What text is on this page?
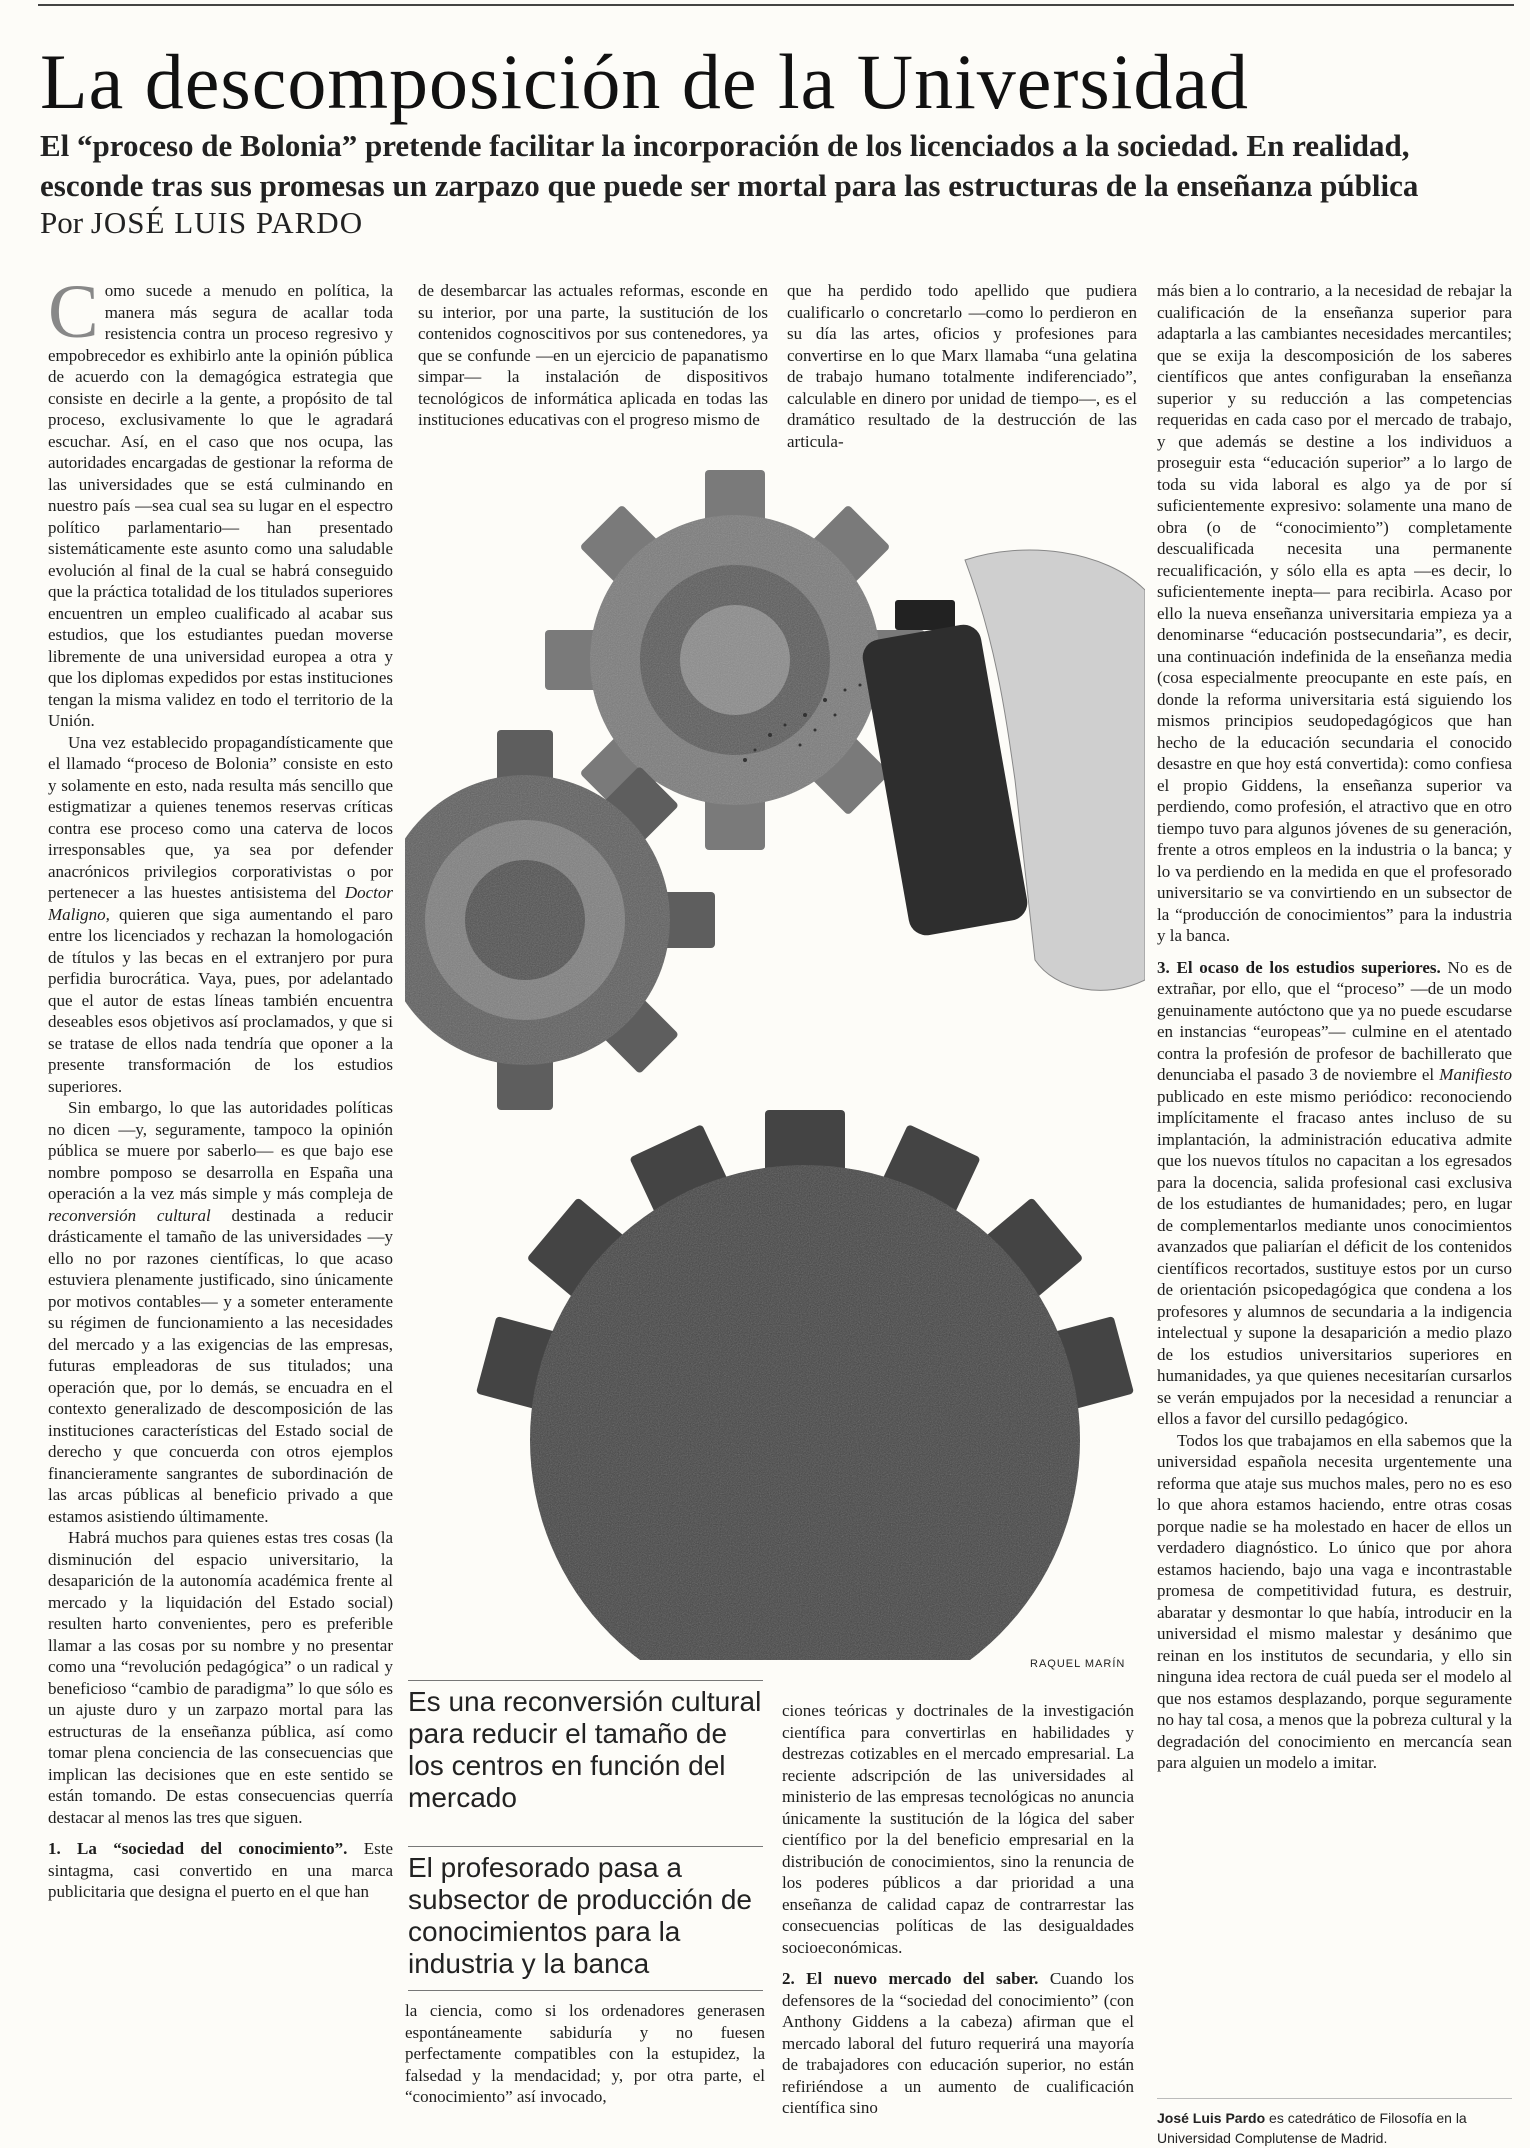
La descomposición de la Universidad
El “proceso de Bolonia” pretende facilitar la incorporación de los licenciados a la sociedad. En realidad, esconde tras sus promesas un zarpazo que puede ser mortal para las estructuras de la enseñanza pública
Por JOSÉ LUIS PARDO

Como sucede a menudo en política, la manera más segura de acallar toda resistencia contra un proceso regresivo y empobrecedor es exhibirlo ante la opinión pública de acuerdo con la demagógica estrategia que consiste en decirle a la gente, a propósito de tal proceso, exclusivamente lo que le agradará escuchar. Así, en el caso que nos ocupa, las autoridades encargadas de gestionar la reforma de las universidades que se está culminando en nuestro país —sea cual sea su lugar en el espectro político parlamentario— han presentado sistemáticamente este asunto como una saludable evolución al final de la cual se habrá conseguido que la práctica totalidad de los titulados superiores encuentren un empleo cualificado al acabar sus estudios, que los estudiantes puedan moverse libremente de una universidad europea a otra y que los diplomas expedidos por estas instituciones tengan la misma validez en todo el territorio de la Unión.

Una vez establecido propagandísticamente que el llamado “proceso de Bolonia” consiste en esto y solamente en esto, nada resulta más sencillo que estigmatizar a quienes tenemos reservas críticas contra ese proceso como una caterva de locos irresponsables que, ya sea por defender anacrónicos privilegios corporativistas o por pertenecer a las huestes antisistema del Doctor Maligno, quieren que siga aumentando el paro entre los licenciados y rechazan la homologación de títulos y las becas en el extranjero por pura perfidia burocrática. Vaya, pues, por adelantado que el autor de estas líneas también encuentra deseables esos objetivos así proclamados, y que si se tratase de ellos nada tendría que oponer a la presente transformación de los estudios superiores.

Sin embargo, lo que las autoridades políticas no dicen —y, seguramente, tampoco la opinión pública se muere por saberlo— es que bajo ese nombre pomposo se desarrolla en España una operación a la vez más simple y más compleja de reconversión cultural destinada a reducir drásticamente el tamaño de las universidades —y ello no por razones científicas, lo que acaso estuviera plenamente justificado, sino únicamente por motivos contables— y a someter enteramente su régimen de funcionamiento a las necesidades del mercado y a las exigencias de las empresas, futuras empleadoras de sus titulados; una operación que, por lo demás, se encuadra en el contexto generalizado de descomposición de las instituciones características del Estado social de derecho y que concuerda con otros ejemplos financieramente sangrantes de subordinación de las arcas públicas al beneficio privado a que estamos asistiendo últimamente.

Habrá muchos para quienes estas tres cosas (la disminución del espacio universitario, la desaparición de la autonomía académica frente al mercado y la liquidación del Estado social) resulten harto convenientes, pero es preferible llamar a las cosas por su nombre y no presentar como una “revolución pedagógica” o un radical y beneficioso “cambio de paradigma” lo que sólo es un ajuste duro y un zarpazo mortal para las estructuras de la enseñanza pública, así como tomar plena conciencia de las consecuencias que implican las decisiones que en este sentido se están tomando. De estas consecuencias querría destacar al menos las tres que siguen.

1. La “sociedad del conocimiento”. Este sintagma, casi convertido en una marca publicitaria que designa el puerto en el que han

de desembarcar las actuales reformas, esconde en su interior, por una parte, la sustitución de los contenidos cognoscitivos por sus contenedores, ya que se confunde —en un ejercicio de papanatismo simpar— la instalación de dispositivos tecnológicos de informática aplicada en todas las instituciones educativas con el progreso mismo de

que ha perdido todo apellido que pudiera cualificarlo o concretarlo —como lo perdieron en su día las artes, oficios y profesiones para convertirse en lo que Marx llamaba “una gelatina de trabajo humano totalmente indiferenciado”, calculable en dinero por unidad de tiempo—, es el dramático resultado de la destrucción de las articula-

más bien a lo contrario, a la necesidad de rebajar la cualificación de la enseñanza superior para adaptarla a las cambiantes necesidades mercantiles; que se exija la descomposición de los saberes científicos que antes configuraban la enseñanza superior y su reducción a las competencias requeridas en cada caso por el mercado de trabajo, y que además se destine a los individuos a proseguir esta “educación superior” a lo largo de toda su vida laboral es algo ya de por sí suficientemente expresivo: solamente una mano de obra (o de “conocimiento”) completamente descualificada necesita una permanente recualificación, y sólo ella es apta —es decir, lo suficientemente inepta— para recibirla. Acaso por ello la nueva enseñanza universitaria empieza ya a denominarse “educación postsecundaria”, es decir, una continuación indefinida de la enseñanza media (cosa especialmente preocupante en este país, en donde la reforma universitaria está siguiendo los mismos principios seudopedagógicos que han hecho de la educación secundaria el conocido desastre en que hoy está convertida): como confiesa el propio Giddens, la enseñanza superior va perdiendo, como profesión, el atractivo que en otro tiempo tuvo para algunos jóvenes de su generación, frente a otros empleos en la industria o la banca; y lo va perdiendo en la medida en que el profesorado universitario se va convirtiendo en un subsector de la “producción de conocimientos” para la industria y la banca.

3. El ocaso de los estudios superiores. No es de extrañar, por ello, que el “proceso” —de un modo genuinamente autóctono que ya no puede escudarse en instancias “europeas”— culmine en el atentado contra la profesión de profesor de bachillerato que denunciaba el pasado 3 de noviembre el Manifiesto publicado en este mismo periódico: reconociendo implícitamente el fracaso antes incluso de su implantación, la administración educativa admite que los nuevos títulos no capacitan a los egresados para la docencia, salida profesional casi exclusiva de los estudiantes de humanidades; pero, en lugar de complementarlos mediante unos conocimientos avanzados que paliarían el déficit de los contenidos científicos recortados, sustituye estos por un curso de orientación psicopedagógica que condena a los profesores y alumnos de secundaria a la indigencia intelectual y supone la desaparición a medio plazo de los estudios universitarios superiores en humanidades, ya que quienes necesitarían cursarlos se verán empujados por la necesidad a renunciar a ellos a favor del cursillo pedagógico.

Todos los que trabajamos en ella sabemos que la universidad española necesita urgentemente una reforma que ataje sus muchos males, pero no es eso lo que ahora estamos haciendo, entre otras cosas porque nadie se ha molestado en hacer de ellos un verdadero diagnóstico. Lo único que por ahora estamos haciendo, bajo una vaga e incontrastable promesa de competitividad futura, es destruir, abaratar y desmontar lo que había, introducir en la universidad el mismo malestar y desánimo que reinan en los institutos de secundaria, y ello sin ninguna idea rectora de cuál pueda ser el modelo al que nos estamos desplazando, porque seguramente no hay tal cosa, a menos que la pobreza cultural y la degradación del conocimiento en mercancía sean para alguien un modelo a imitar.

RAQUEL MARÍN
Es una reconversión cultural para reducir el tamaño de los centros en función del mercado
El profesorado pasa a subsector de producción de conocimientos para la industria y la banca

la ciencia, como si los ordenadores generasen espontáneamente sabiduría y no fuesen perfectamente compatibles con la estupidez, la falsedad y la mendacidad; y, por otra parte, el “conocimiento” así invocado,

ciones teóricas y doctrinales de la investigación científica para convertirlas en habilidades y destrezas cotizables en el mercado empresarial. La reciente adscripción de las universidades al ministerio de las empresas tecnológicas no anuncia únicamente la sustitución de la lógica del saber científico por la del beneficio empresarial en la distribución de conocimientos, sino la renuncia de los poderes públicos a dar prioridad a una enseñanza de calidad capaz de contrarrestar las consecuencias políticas de las desigualdades socioeconómicas.

2. El nuevo mercado del saber. Cuando los defensores de la “sociedad del conocimiento” (con Anthony Giddens a la cabeza) afirman que el mercado laboral del futuro requerirá una mayoría de trabajadores con educación superior, no están refiriéndose a un aumento de cualificación científica sino

José Luis Pardo es catedrático de Filosofía en la Universidad Complutense de Madrid.
